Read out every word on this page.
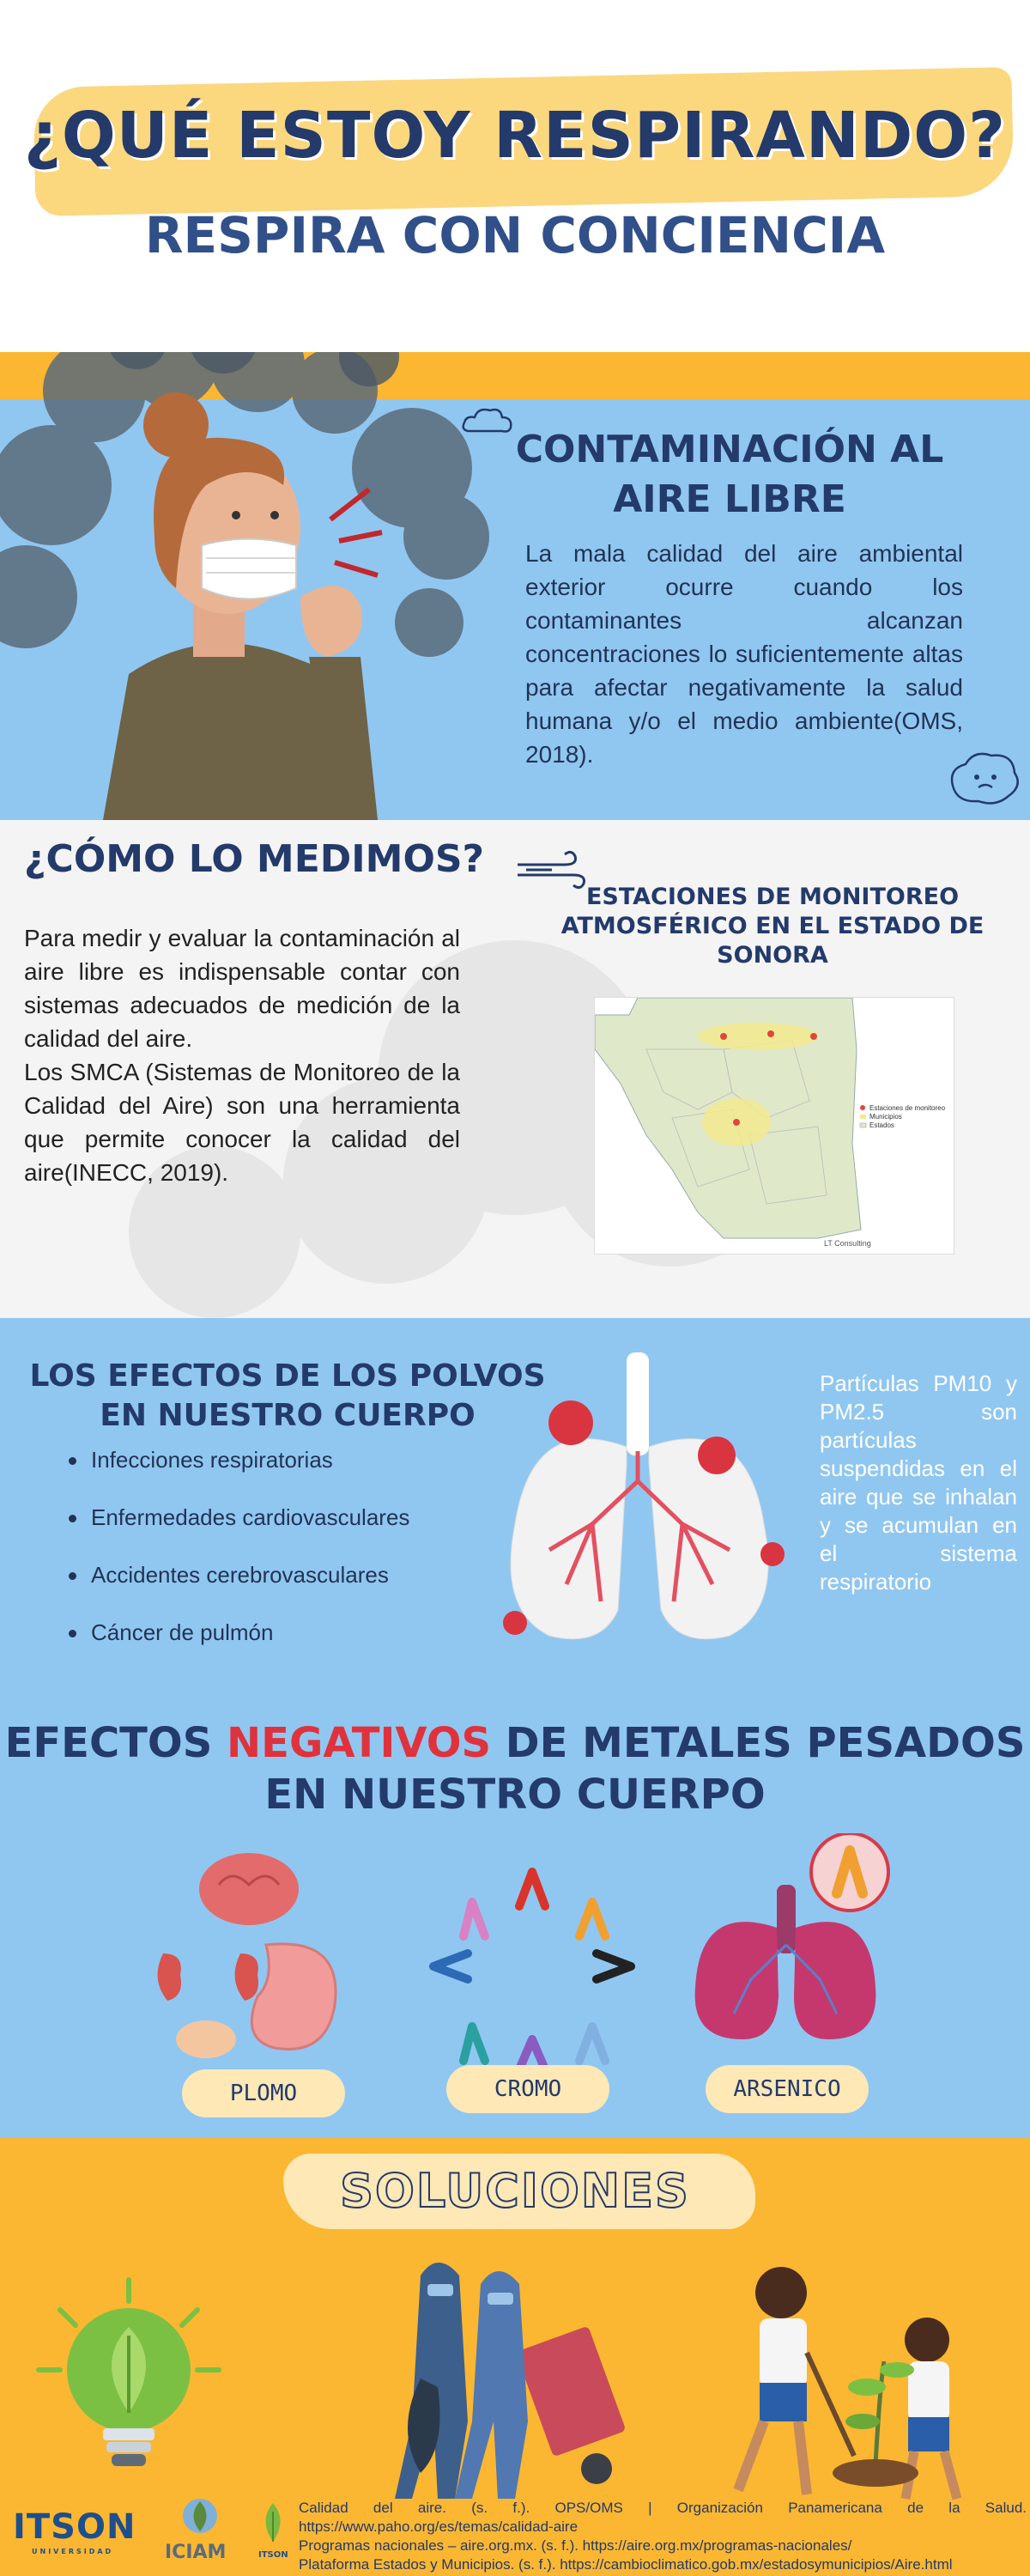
¿QUÉ ESTOY RESPIRANDO?
RESPIRA CON CONCIENCIA
CONTAMINACIÓN AL
AIRE LIBRE

La mala calidad del aire ambiental exterior ocurre cuando los contaminantes alcanzan concentraciones lo suficientemente altas para afectar negativamente la salud humana y/o el medio ambiente(OMS, 2018).

¿CÓMO LO MEDIMOS?

Para medir y evaluar la contaminación al aire libre es indispensable contar con sistemas adecuados de medición de la calidad del aire.

Los SMCA (Sistemas de Monitoreo de la Calidad del Aire) son una herramienta que permite conocer la calidad del aire(INECC, 2019).

ESTACIONES DE MONITOREO ATMOSFÉRICO EN EL ESTADO DE SONORA
Estaciones de monitoreo
Municipios
Estados
LT Consulting
LOS EFECTOS DE LOS POLVOS
EN NUESTRO CUERPO
Infecciones respiratorias
Enfermedades cardiovasculares
Accidentes cerebrovasculares
Cáncer de pulmón

Partículas PM10 y PM2.5 son partículas suspendidas en el aire que se inhalan y se acumulan en el sistema respiratorio

EFECTOS NEGATIVOS DE METALES PESADOS
EN NUESTRO CUERPO
PLOMO	CROMO	ARSENICO
SOLUCIONES
ITSON
UNIVERSIDAD	ICIAM	ITSON

Calidad del aire. (s. f.). OPS/OMS | Organización Panamericana de la Salud. https://www.paho.org/es/temas/calidad-aire

Programas nacionales – aire.org.mx. (s. f.). https://aire.org.mx/programas-nacionales/

Plataforma Estados y Municipios. (s. f.). https://cambioclimatico.gob.mx/estadosymunicipios/Aire.html
